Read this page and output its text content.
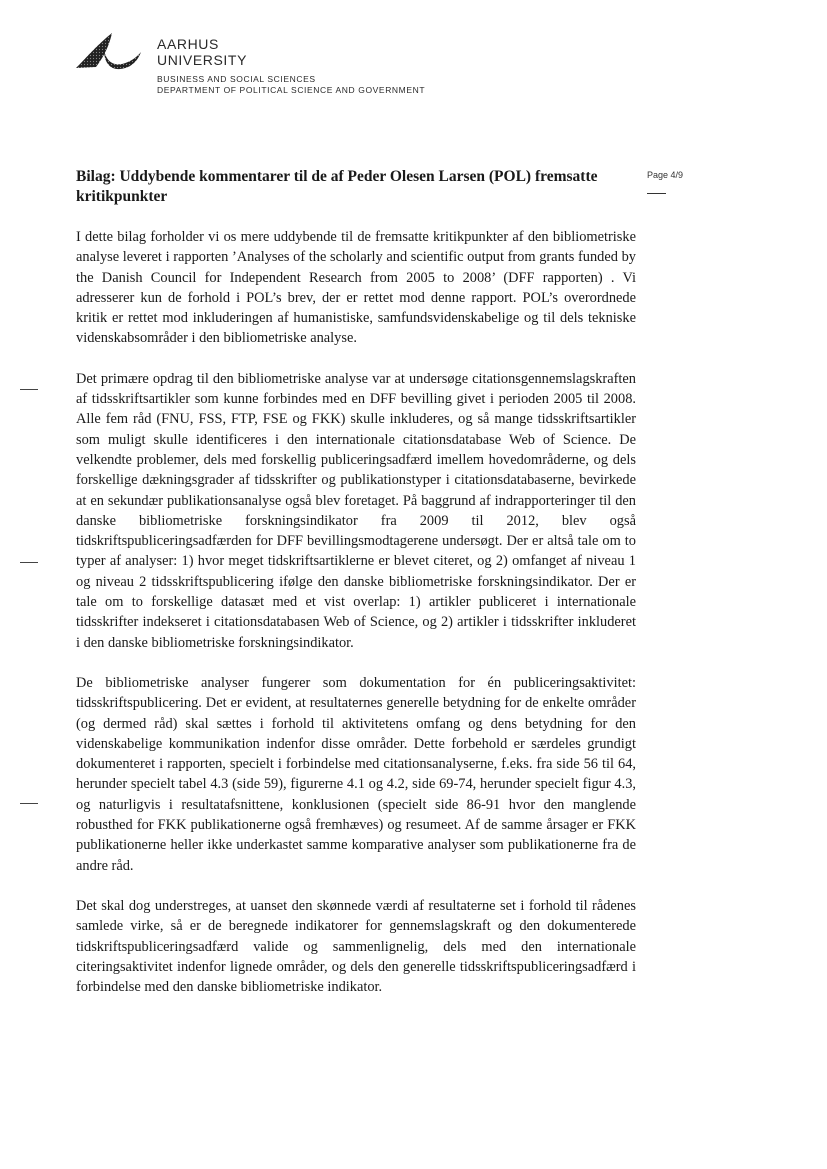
AARHUS
UNIVERSITY
BUSINESS AND SOCIAL SCIENCES
DEPARTMENT OF POLITICAL SCIENCE AND GOVERNMENT
Page 4/9
Bilag: Uddybende kommentarer til de af Peder Olesen Larsen (POL) fremsatte kritikpunkter

I dette bilag forholder vi os mere uddybende til de fremsatte kritikpunkter af den bibliometriske analyse leveret i rapporten ’Analyses of the scholarly and scientific output from grants funded by the Danish Council for Independent Research from 2005 to 2008’ (DFF rapporten) . Vi adresserer kun de forhold i POL’s brev, der er rettet mod denne rapport. POL’s overordnede kritik er rettet mod inkluderingen af humanistiske, samfundsvidenskabelige og til dels tekniske videnskabsområder i den bibliometriske analyse.

Det primære opdrag til den bibliometriske analyse var at undersøge citationsgennemslagskraften af tidsskriftsartikler som kunne forbindes med en DFF bevilling givet i perioden 2005 til 2008. Alle fem råd (FNU, FSS, FTP, FSE og FKK) skulle inkluderes, og så mange tidsskriftsartikler som muligt skulle identificeres i den internationale citationsdatabase Web of Science. De velkendte problemer, dels med forskellig publiceringsadfærd imellem hovedområderne, og dels forskellige dækningsgrader af tidsskrifter og publikationstyper i citationsdatabaserne, bevirkede at en sekundær publikationsanalyse også blev foretaget. På baggrund af indrapporteringer til den danske bibliometriske forskningsindikator fra 2009 til 2012, blev også tidskriftspubliceringsadfærden for DFF bevillingsmodtagerene undersøgt. Der er altså tale om to typer af analyser: 1) hvor meget tidskriftsartiklerne er blevet citeret, og 2) omfanget af niveau 1 og niveau 2 tidsskriftspublicering ifølge den danske bibliometriske forskningsindikator. Der er tale om to forskellige datasæt med et vist overlap: 1) artikler publiceret i internationale tidsskrifter indekseret i citationsdatabasen Web of Science, og 2) artikler i tidsskrifter inkluderet i den danske bibliometriske forskningsindikator.

De bibliometriske analyser fungerer som dokumentation for én publiceringsaktivitet: tidsskriftspublicering. Det er evident, at resultaternes generelle betydning for de enkelte områder (og dermed råd) skal sættes i forhold til aktivitetens omfang og dens betydning for den videnskabelige kommunikation indenfor disse områder. Dette forbehold er særdeles grundigt dokumenteret i rapporten, specielt i forbindelse med citationsanalyserne, f.eks. fra side 56 til 64, herunder specielt tabel 4.3 (side 59), figurerne 4.1 og 4.2, side 69-74, herunder specielt figur 4.3, og naturligvis i resultatafsnittene, konklusionen (specielt side 86-91 hvor den manglende robusthed for FKK publikationerne også fremhæves) og resumeet. Af de samme årsager er FKK publikationerne heller ikke underkastet samme komparative analyser som publikationerne fra de andre råd.

Det skal dog understreges, at uanset den skønnede værdi af resultaterne set i forhold til rådenes samlede virke, så er de beregnede indikatorer for gennemslagskraft og den dokumenterede tidskriftspubliceringsadfærd valide og sammenlignelig, dels med den internationale citeringsaktivitet indenfor lignede områder, og dels den generelle tidsskriftspubliceringsadfærd i forbindelse med den danske bibliometriske indikator.
